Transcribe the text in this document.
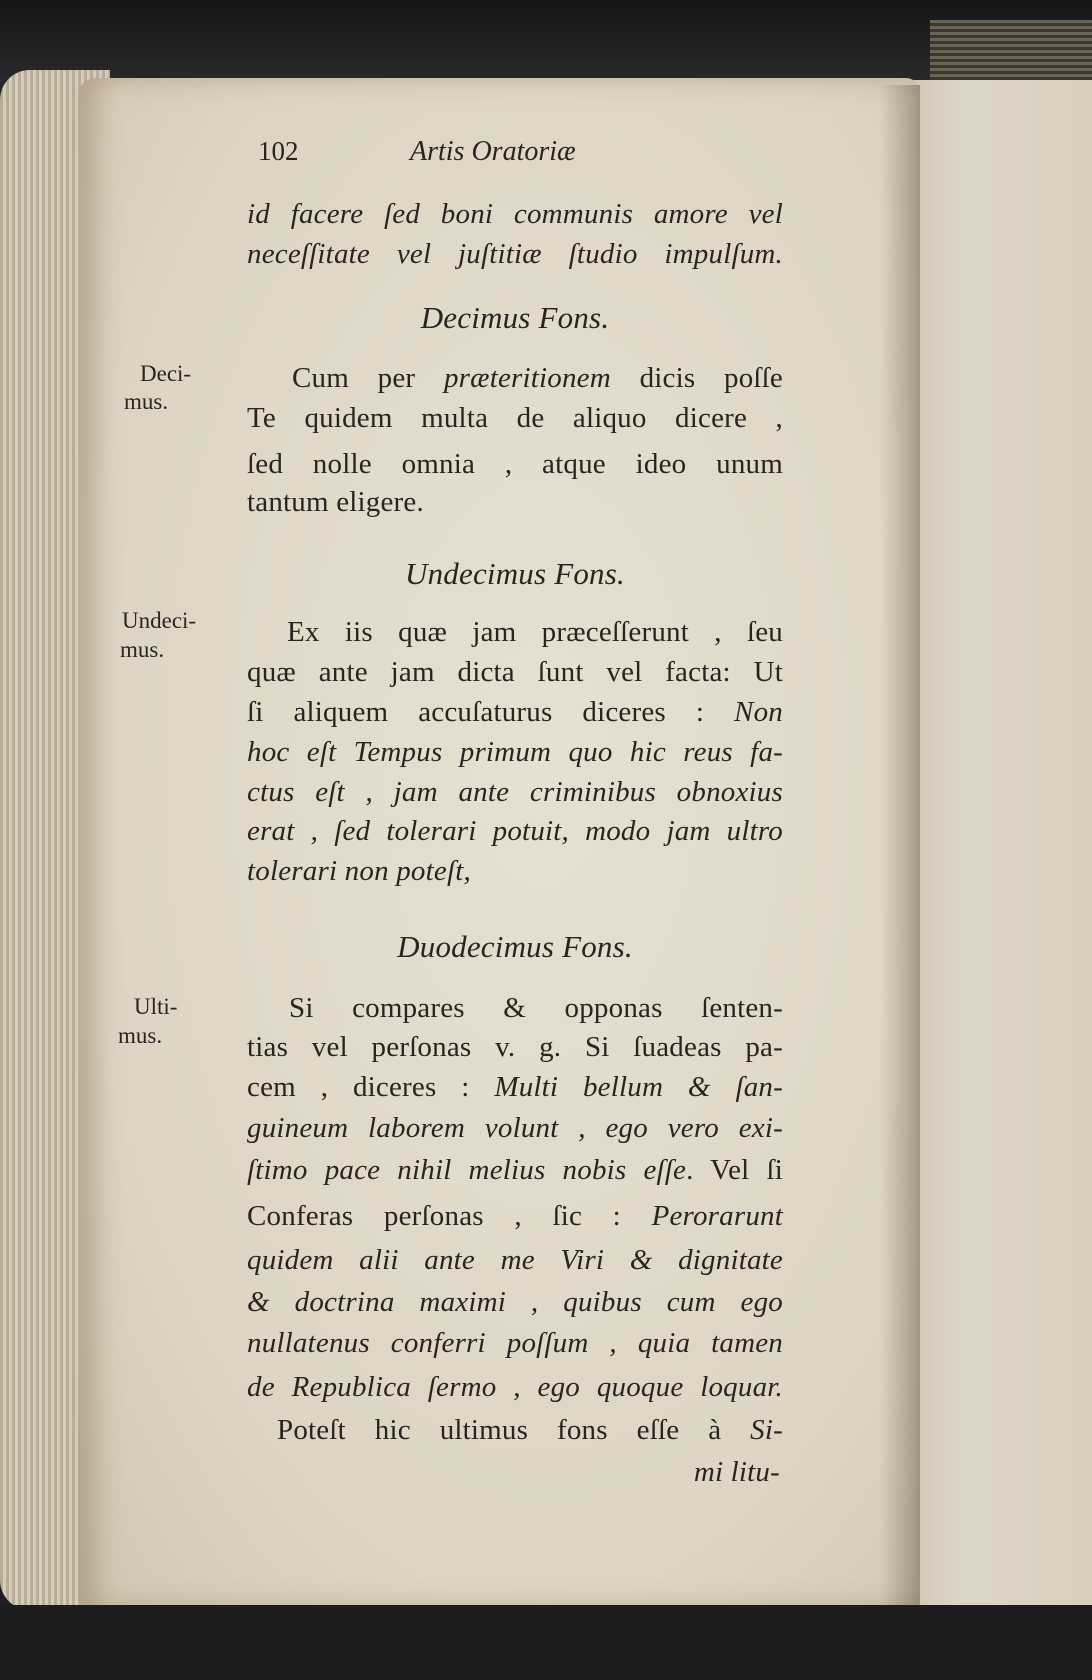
102	Artis Oratoriæ
Deci-
mus.
Undeci-
mus.
Ulti-
mus.
id facere ſed boni communis amore vel
neceſſitate vel juſtitiæ ſtudio impulſum.
Decimus Fons.
Cum per præteritionem dicis poſſe
Te quidem multa de aliquo dicere ,
ſed nolle omnia , atque ideo unum
tantum eligere.
Undecimus Fons.
Ex iis quæ jam præceſſerunt , ſeu
quæ ante jam dicta ſunt vel facta: Ut
ſi aliquem accuſaturus diceres : Non
hoc eſt Tempus primum quo hic reus fa-
ctus eſt , jam ante criminibus obnoxius
erat , ſed tolerari potuit, modo jam ultro
tolerari non poteſt,
Duodecimus Fons.
Si compares & opponas ſenten-
tias vel perſonas v. g. Si ſuadeas pa-
cem , diceres : Multi bellum & ſan-
guineum laborem volunt , ego vero exi-
ſtimo pace nihil melius nobis eſſe. Vel ſi
Conferas perſonas , ſic : Perorarunt
quidem alii ante me Viri & dignitate
& doctrina maximi , quibus cum ego
nullatenus conferri poſſum , quia tamen
de Republica ſermo , ego quoque loquar.
Poteſt hic ultimus fons eſſe à Si-
mi litu-
